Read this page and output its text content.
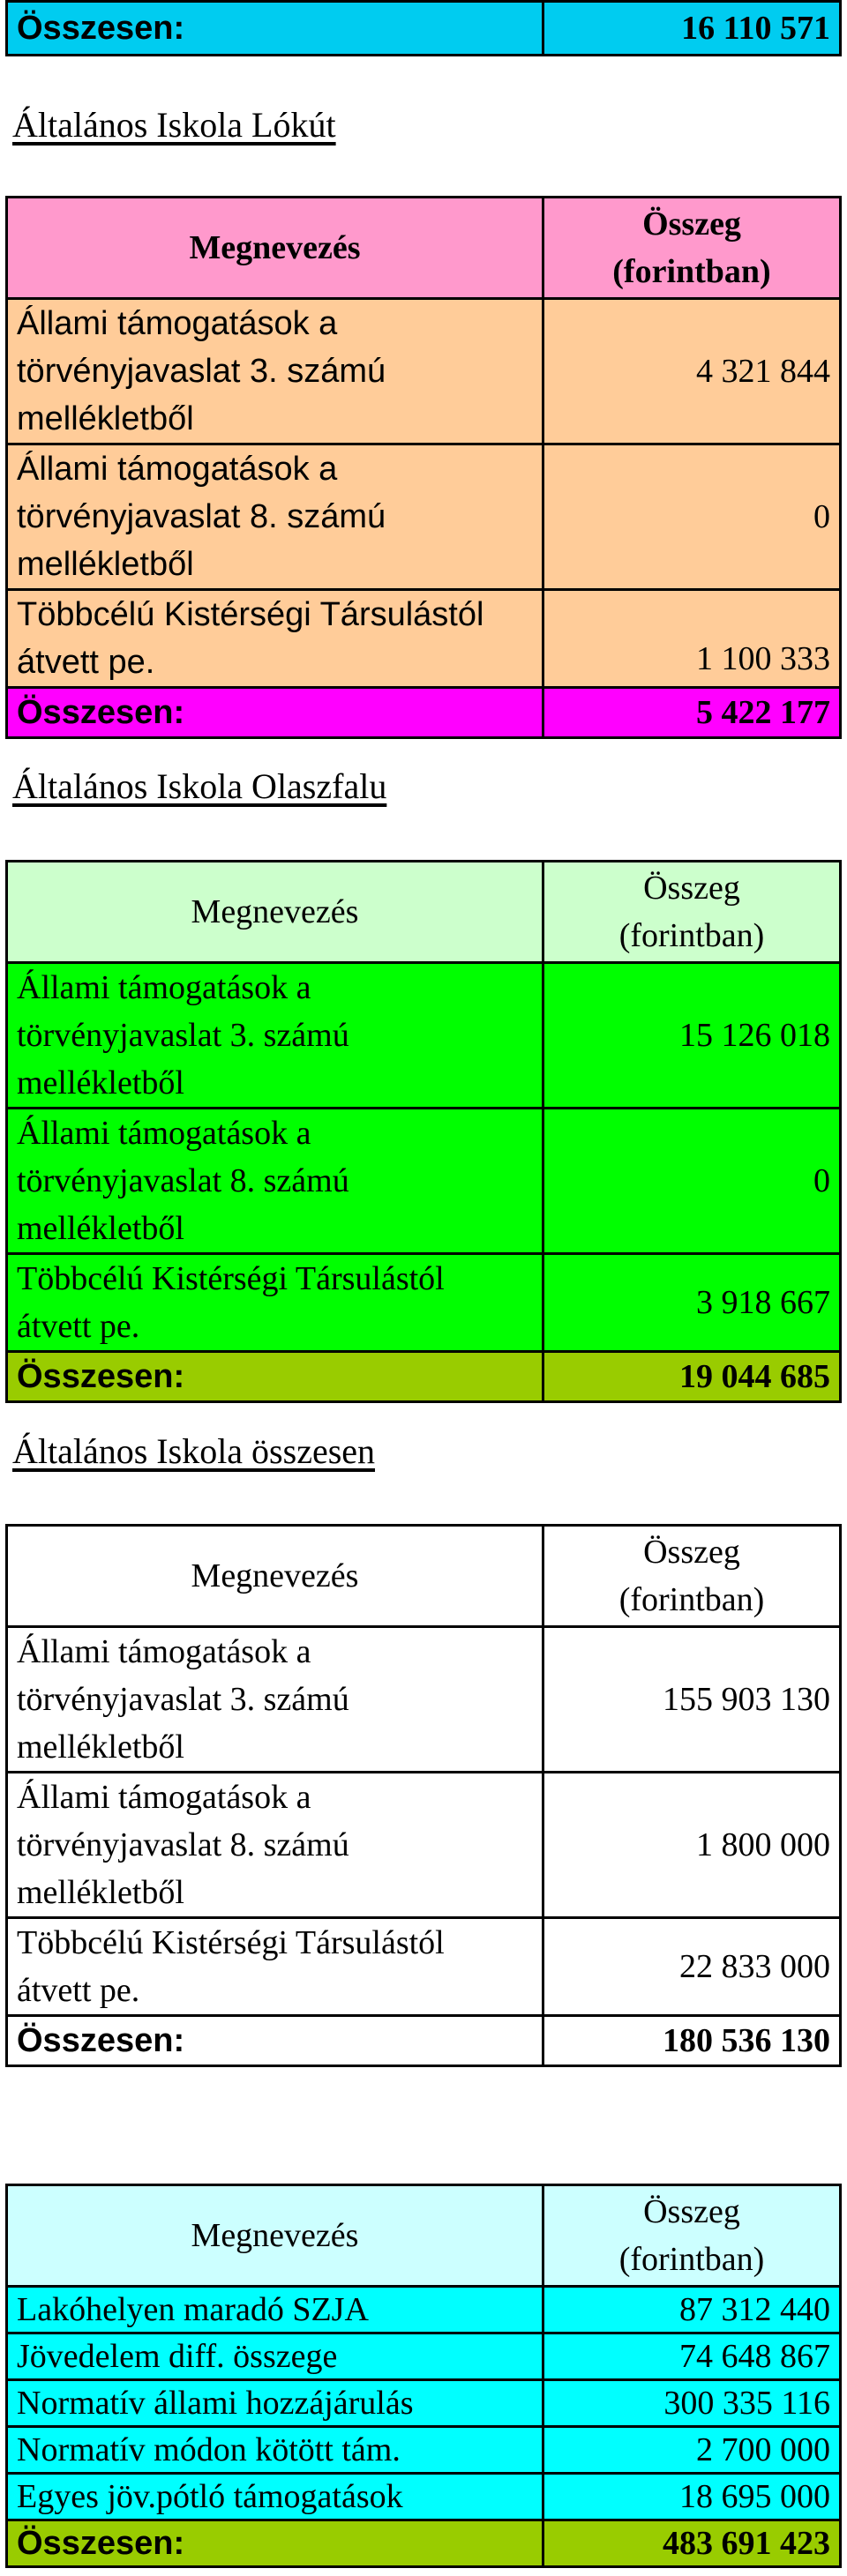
Összesen:	16 110 571
Általános Iskola Lókút
Megnevezés	Összeg
(forintban)

Állami támogatások a
törvényjavaslat 3. számú
mellékletből	4 321 844

Állami támogatások a
törvényjavaslat 8. számú
mellékletből	0

Többcélú Kistérségi Társulástól
átvett pe.	1 100 333
Összesen:	5 422 177
Általános Iskola Olaszfalu
Megnevezés	Összeg
(forintban)

Állami támogatások a
törvényjavaslat 3. számú
mellékletből	15 126 018

Állami támogatások a
törvényjavaslat 8. számú
mellékletből	0

Többcélú Kistérségi Társulástól
átvett pe.	3 918 667
Összesen:	19 044 685
Általános Iskola összesen
Megnevezés	Összeg
(forintban)

Állami támogatások a
törvényjavaslat 3. számú
mellékletből	155 903 130

Állami támogatások a
törvényjavaslat 8. számú
mellékletből	1 800 000

Többcélú Kistérségi Társulástól
átvett pe.	22 833 000
Összesen:	180 536 130
Megnevezés	Összeg
(forintban)

Lakóhelyen maradó SZJA	87 312 440
Jövedelem diff. összege	74 648 867
Normatív állami hozzájárulás	300 335 116
Normatív módon kötött tám.	2 700 000
Egyes jöv.pótló támogatások	18 695 000
Összesen:	483 691 423
